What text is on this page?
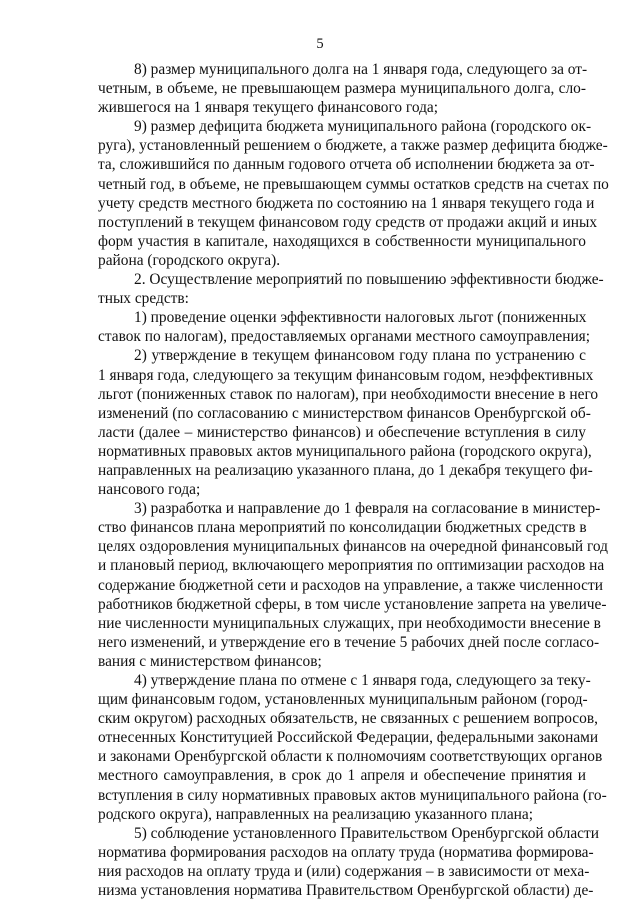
5
8) размер муниципального долга на 1 января года, следующего за от-
четным, в объеме, не превышающем размера муниципального долга, сло-
жившегося на 1 января текущего финансового года;
9) размер дефицита бюджета муниципального района (городского ок-
руга), установленный решением о бюджете, а также размер дефицита бюдже-
та, сложившийся по данным годового отчета об исполнении бюджета за от-
четный год, в объеме, не превышающем суммы остатков средств на счетах по
учету средств местного бюджета по состоянию на 1 января текущего года и
поступлений в текущем финансовом году средств от продажи акций и иных
форм участия в капитале, находящихся в собственности муниципального
района (городского округа).
2. Осуществление мероприятий по повышению эффективности бюдже-
тных средств:
1) проведение оценки эффективности налоговых льгот (пониженных
ставок по налогам), предоставляемых органами местного самоуправления;
2) утверждение в текущем финансовом году плана по устранению с
1 января года, следующего за текущим финансовым годом, неэффективных
льгот (пониженных ставок по налогам), при необходимости внесение в него
изменений (по согласованию с министерством финансов Оренбургской об-
ласти (далее – министерство финансов) и обеспечение вступления в силу
нормативных правовых актов муниципального района (городского округа),
направленных на реализацию указанного плана, до 1 декабря текущего фи-
нансового года;
3) разработка и направление до 1 февраля на согласование в министер-
ство финансов плана мероприятий по консолидации бюджетных средств в
целях оздоровления муниципальных финансов на очередной финансовый год
и плановый период, включающего мероприятия по оптимизации расходов на
содержание бюджетной сети и расходов на управление, а также численности
работников бюджетной сферы, в том числе установление запрета на увеличе-
ние численности муниципальных служащих, при необходимости внесение в
него изменений, и утверждение его в течение 5 рабочих дней после согласо-
вания с министерством финансов;
4) утверждение плана по отмене с 1 января года, следующего за теку-
щим финансовым годом, установленных муниципальным районом (город-
ским округом) расходных обязательств, не связанных с решением вопросов,
отнесенных Конституцией Российской Федерации, федеральными законами
и законами Оренбургской области к полномочиям соответствующих органов
местного самоуправления, в срок до 1 апреля и обеспечение принятия и
вступления в силу нормативных правовых актов муниципального района (го-
родского округа), направленных на реализацию указанного плана;
5) соблюдение установленного Правительством Оренбургской области
норматива формирования расходов на оплату труда (норматива формирова-
ния расходов на оплату труда и (или) содержания – в зависимости от меха-
низма установления норматива Правительством Оренбургской области) де-
